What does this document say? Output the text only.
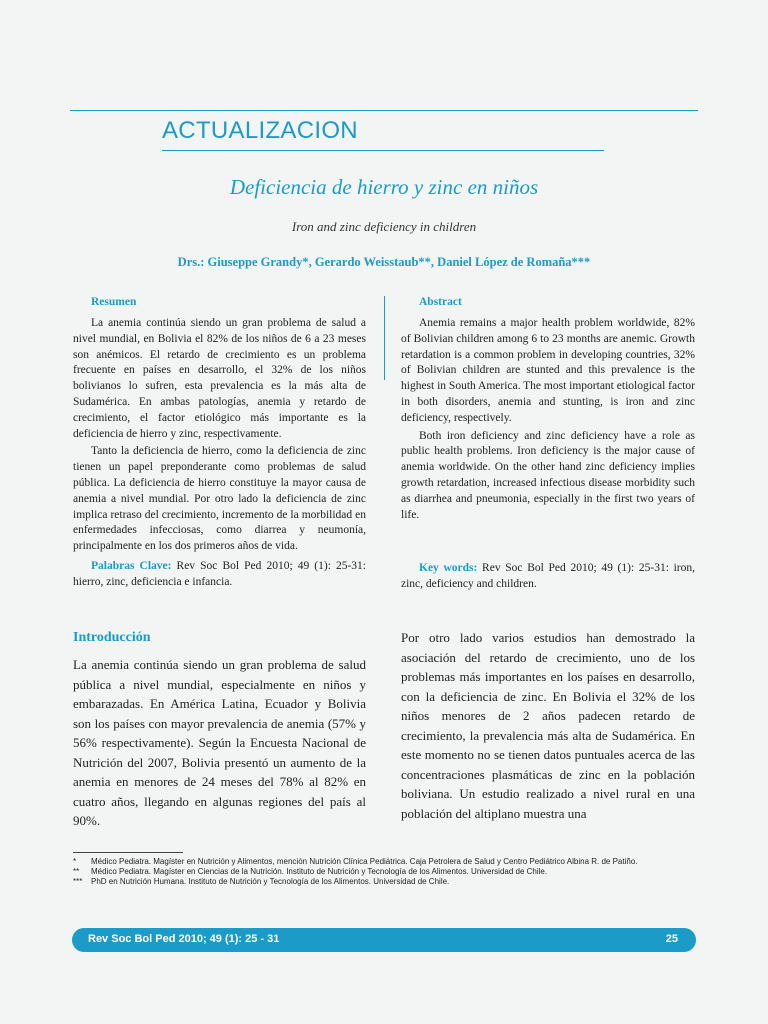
ACTUALIZACION
Deficiencia de hierro y zinc en niños
Iron and zinc deficiency in children
Drs.: Giuseppe Grandy*, Gerardo Weisstaub**, Daniel López de Romaña***
Resumen

La anemia continúa siendo un gran problema de salud a nivel mundial, en Bolivia el 82% de los niños de 6 a 23 meses son anémicos. El retardo de crecimiento es un problema frecuente en países en desarrollo, el 32% de los niños bolivianos lo sufren, esta prevalencia es la más alta de Sudamérica. En ambas patologías, anemia y retardo de crecimiento, el factor etiológico más importante es la deficiencia de hierro y zinc, respectivamente.

Tanto la deficiencia de hierro, como la deficiencia de zinc tienen un papel preponderante como problemas de salud pública. La deficiencia de hierro constituye la mayor causa de anemia a nivel mundial. Por otro lado la deficiencia de zinc implica retraso del crecimiento, incremento de la morbilidad en enfermedades infecciosas, como diarrea y neumonía, principalmente en los dos primeros años de vida.

Palabras Clave: Rev Soc Bol Ped 2010; 49 (1): 25-31: hierro, zinc, deficiencia e infancia.

Abstract

Anemia remains a major health problem worldwide, 82% of Bolivian children among 6 to 23 months are anemic. Growth retardation is a common problem in developing countries, 32% of Bolivian children are stunted and this prevalence is the highest in South America. The most important etiological factor in both disorders, anemia and stunting, is iron and zinc deficiency, respectively.

Both iron deficiency and zinc deficiency have a role as public health problems. Iron deficiency is the major cause of anemia worldwide. On the other hand zinc deficiency implies growth retardation, increased infectious disease morbidity such as diarrhea and pneumonia, especially in the first two years of life.

Key words: Rev Soc Bol Ped 2010; 49 (1): 25-31: iron, zinc, deficiency and children.
Introducción
La anemia continúa siendo un gran problema de salud pública a nivel mundial, especialmente en niños y embarazadas. En América Latina, Ecuador y Bolivia son los países con mayor prevalencia de anemia (57% y 56% respectivamente). Según la Encuesta Nacional de Nutrición del 2007, Bolivia presentó un aumento de la anemia en menores de 24 meses del 78% al 82% en cuatro años, llegando en algunas regiones del país al 90%.
Por otro lado varios estudios han demostrado la asociación del retardo de crecimiento, uno de los problemas más importantes en los países en desarrollo, con la deficiencia de zinc. En Bolivia el 32% de los niños menores de 2 años padecen retardo de crecimiento, la prevalencia más alta de Sudamérica. En este momento no se tienen datos puntuales acerca de las concentraciones plasmáticas de zinc en la población boliviana. Un estudio realizado a nivel rural en una población del altiplano muestra una
*	Médico Pediatra. Magíster en Nutrición y Alimentos, mención Nutrición Clínica Pediátrica. Caja Petrolera de Salud y Centro Pediátrico Albina R. de Patiño.
**	Médico Pediatra. Magíster en Ciencias de la Nutrición. Instituto de Nutrición y Tecnología de los Alimentos. Universidad de Chile.
***	PhD en Nutrición Humana. Instituto de Nutrición y Tecnología de los Alimentos. Universidad de Chile.
Rev Soc Bol Ped 2010; 49 (1): 25 - 31	25
